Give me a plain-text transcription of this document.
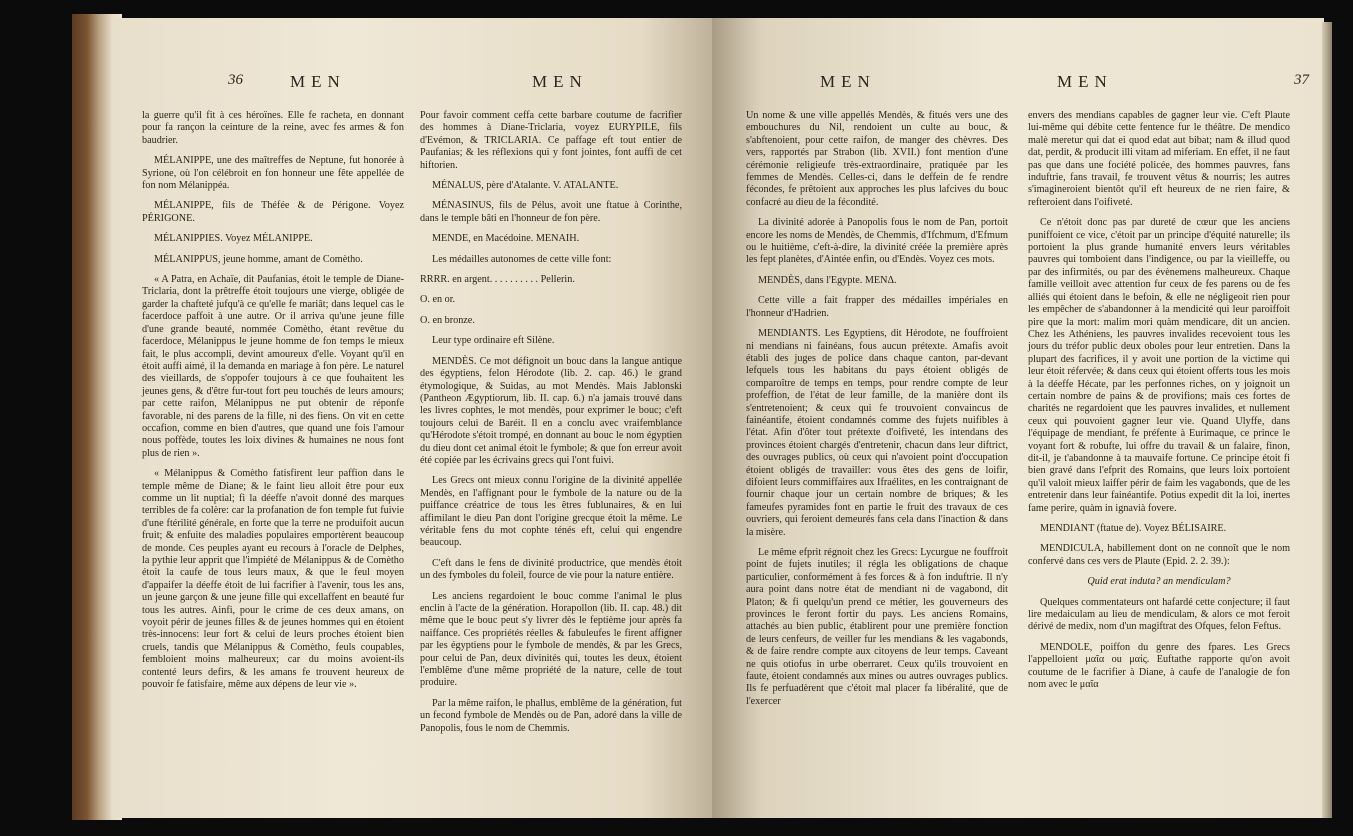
36	MEN	MEN

la guerre qu'il fit à ces héroïnes. Elle fe racheta, en donnant pour fa rançon la ceinture de la reine, avec fes armes & fon baudrier.

MÉLANIPPE, une des maîtreffes de Neptune, fut honorée à Syrione, où l'on célébroit en fon honneur une fête appellée de fon nom Mélanippéa.

MÉLANIPPE, fils de Théfée & de Périgone. Voyez PÉRIGONE.

MÉLANIPPIES. Voyez MÉLANIPPE.

MÉLANIPPUS, jeune homme, amant de Comètho.

« A Patra, en Achaïe, dit Paufanias, étoit le temple de Diane-Triclaria, dont la prêtreffe étoit toujours une vierge, obligée de garder la chafteté jufqu'à ce qu'elle fe mariât; dans lequel cas le facerdoce paffoit à une autre. Or il arriva qu'une jeune fille d'une grande beauté, nommée Comètho, étant revêtue du facerdoce, Mélanippus le jeune homme de fon temps le mieux fait, le plus accompli, devint amoureux d'elle. Voyant qu'il en étoit auffi aimé, il la demanda en mariage à fon père. Le naturel des vieillards, de s'oppofer toujours à ce que fouhaitent les jeunes gens, & d'être fur-tout fort peu touchés de leurs amours; par cette raifon, Mélanippus ne put obtenir de réponfe favorable, ni des parens de la fille, ni des fiens. On vit en cette occafion, comme en bien d'autres, que quand une fois l'amour nous poffède, toutes les loix divines & humaines ne nous font plus de rien ».

« Mélanippus & Comètho fatisfirent leur paffion dans le temple même de Diane; & le faint lieu alloit être pour eux comme un lit nuptial; fi la déeffe n'avoit donné des marques terribles de fa colère: car la profanation de fon temple fut fuivie d'une ftérilité générale, en forte que la terre ne produifoit aucun fruit; & enfuite des maladies populaires emportèrent beaucoup de monde. Ces peuples ayant eu recours à l'oracle de Delphes, la pythie leur apprit que l'impiété de Mélanippus & de Comètho étoit la caufe de tous leurs maux, & que le feul moyen d'appaifer la déeffe étoit de lui facrifier à l'avenir, tous les ans, un jeune garçon & une jeune fille qui excellaffent en beauté fur tous les autres. Ainfi, pour le crime de ces deux amans, on voyoit périr de jeunes filles & de jeunes hommes qui en étoient très-innocens: leur fort & celui de leurs proches étoient bien cruels, tandis que Mélanippus & Comètho, feuls coupables, fembloient moins malheureux; car du moins avoient-ils contenté leurs defirs, & les amans fe trouvent heureux de pouvoir fe fatisfaire, même aux dépens de leur vie ».

Pour favoir comment ceffa cette barbare coutume de facrifier des hommes à Diane-Triclaria, voyez EURYPILE, fils d'Evémon, & TRICLARIA. Ce paffage eft tout entier de Paufanias; & les réflexions qui y font jointes, font auffi de cet hiftorien.

MÉNALUS, père d'Atalante. V. ATALANTE.

MÉNASINUS, fils de Pélus, avoit une ftatue à Corinthe, dans le temple bâti en l'honneur de fon père.

MENDE, en Macédoine. MENAIH.

Les médailles autonomes de cette ville font:

RRRR. en argent. . . . . . . . . . Pellerin.

O. en or.

O. en bronze.

Leur type ordinaire eft Silène.

MENDÈS. Ce mot défignoit un bouc dans la langue antique des égyptiens, felon Hérodote (lib. 2. cap. 46.) le grand étymologique, & Suidas, au mot Mendès. Mais Jablonski (Pantheon Ægyptiorum, lib. II. cap. 6.) n'a jamais trouvé dans les livres cophtes, le mot mendès, pour exprimer le bouc; c'eft toujours celui de Baréit. Il en a conclu avec vraifemblance qu'Hérodote s'étoit trompé, en donnant au bouc le nom égyptien du dieu dont cet animal étoit le fymbole; & que fon erreur avoit été copiée par les écrivains grecs qui l'ont fuivi.

Les Grecs ont mieux connu l'origine de la divinité appellée Mendès, en l'affignant pour le fymbole de la nature ou de la puiffance créatrice de tous les êtres fublunaires, & en lui affimilant le dieu Pan dont l'origine grecque étoit la même. Le véritable fens du mot cophte ténés eft, celui qui engendre beaucoup.

C'eft dans le fens de divinité productrice, que mendès étoit un des fymboles du foleil, fource de vie pour la nature entière.

Les anciens regardoient le bouc comme l'animal le plus enclin à l'acte de la génération. Horapollon (lib. II. cap. 48.) dit même que le bouc peut s'y livrer dès le feptième jour après fa naiffance. Ces propriétés réelles & fabuleufes le firent affigner par les égyptiens pour le fymbole de mendès, & par les Grecs, pour celui de Pan, deux divinités qui, toutes les deux, étoient l'emblême d'une même propriété de la nature, celle de tout produire.

Par la même raifon, le phallus, emblême de la génération, fut un fecond fymbole de Mendès ou de Pan, adoré dans la ville de Panopolis, fous le nom de Chemmis.

MEN	MEN	37

Un nome & une ville appellés Mendès, & fitués vers une des embouchures du Nil, rendoient un culte au bouc, & s'abftenoient, pour cette raifon, de manger des chèvres. Des vers, rapportés par Strabon (lib. XVII.) font mention d'une cérémonie religieufe très-extraordinaire, pratiquée par les femmes de Mendès. Celles-ci, dans le deffein de fe rendre fécondes, fe prêtoient aux approches les plus lafcives du bouc confacré au dieu de la fécondité.

La divinité adorée à Panopolis fous le nom de Pan, portoit encore les noms de Mendès, de Chemmis, d'Ifchmum, d'Efmum ou le huitième, c'eft-à-dire, la divinité créée la première après les fept planètes, d'Aintée enfin, ou d'Endès. Voyez ces mots.

MENDÈS, dans l'Egypte. MENΔ.

Cette ville a fait frapper des médailles impériales en l'honneur d'Hadrien.

MENDIANTS. Les Egyptiens, dit Hérodote, ne fouffroient ni mendians ni fainéans, fous aucun prétexte. Amafis avoit établi des juges de police dans chaque canton, par-devant lefquels tous les habitans du pays étoient obligés de comparoître de temps en temps, pour rendre compte de leur profeffion, de l'état de leur famille, de la manière dont ils s'entretenoient; & ceux qui fe trouvoient convaincus de fainéantife, étoient condamnés comme des fujets nuifibles à l'état. Afin d'ôter tout prétexte d'oifiveté, les intendans des provinces étoient chargés d'entretenir, chacun dans leur diftrict, des ouvrages publics, où ceux qui n'avoient point d'occupation étoient obligés de travailler: vous êtes des gens de loifir, difoient leurs commiffaires aux Ifraélites, en les contraignant de fournir chaque jour un certain nombre de briques; & les fameufes pyramides font en partie le fruit des travaux de ces ouvriers, qui feroient demeurés fans cela dans l'inaction & dans la misère.

Le même efprit régnoit chez les Grecs: Lycurgue ne fouffroit point de fujets inutiles; il régla les obligations de chaque particulier, conformément à fes forces & à fon induftrie. Il n'y aura point dans notre état de mendiant ni de vagabond, dit Platon; & fi quelqu'un prend ce métier, les gouverneurs des provinces le feront fortir du pays. Les anciens Romains, attachés au bien public, établirent pour une première fonction de leurs cenfeurs, de veiller fur les mendians & les vagabonds, & de faire rendre compte aux citoyens de leur temps. Caveant ne quis otiofus in urbe oberraret. Ceux qu'ils trouvoient en faute, étoient condamnés aux mines ou autres ouvrages publics. Ils fe perfuadèrent que c'étoit mal placer fa libéralité, que de l'exercer

envers des mendians capables de gagner leur vie. C'eft Plaute lui-même qui débite cette fentence fur le théâtre. De mendico malè meretur qui dat ei quod edat aut bibat; nam & illud quod dat, perdit, & producit illi vitam ad miferiam. En effet, il ne faut pas que dans une fociété policée, des hommes pauvres, fans induftrie, fans travail, fe trouvent vêtus & nourris; les autres s'imagineroient bientôt qu'il eft heureux de ne rien faire, & refteroient dans l'oifiveté.

Ce n'étoit donc pas par dureté de cœur que les anciens puniffoient ce vice, c'étoit par un principe d'équité naturelle; ils portoient la plus grande humanité envers leurs véritables pauvres qui tomboient dans l'indigence, ou par la vieilleffe, ou par des infirmités, ou par des évènemens malheureux. Chaque famille veilloit avec attention fur ceux de fes parens ou de fes alliés qui étoient dans le befoin, & elle ne négligeoit rien pour les empêcher de s'abandonner à la mendicité qui leur paroiffoit pire que la mort: malim mori quàm mendicare, dit un ancien. Chez les Athéniens, les pauvres invalides recevoient tous les jours du tréfor public deux oboles pour leur entretien. Dans la plupart des facrifices, il y avoit une portion de la victime qui leur étoit réfervée; & dans ceux qui étoient offerts tous les mois à la déeffe Hécate, par les perfonnes riches, on y joignoit un certain nombre de pains & de provifions; mais ces fortes de charités ne regardoient que les pauvres invalides, et nullement ceux qui pouvoient gagner leur vie. Quand Ulyffe, dans l'équipage de mendiant, fe préfente à Eurimaque, ce prince le voyant fort & robufte, lui offre du travail & un falaire, finon, dit-il, je t'abandonne à ta mauvaife fortune. Ce principe étoit fi bien gravé dans l'efprit des Romains, que leurs loix portoient qu'il valoit mieux laiffer périr de faim les vagabonds, que de les entretenir dans leur fainéantife. Potius expedit dit la loi, inertes fame perire, quàm in ignavià fovere.

MENDIANT (ftatue de). Voyez BÉLISAIRE.

MENDICULA, habillement dont on ne connoît que le nom confervé dans ces vers de Plaute (Epid. 2. 2. 39.):

Quid erat induta? an mendiculam?

Quelques commentateurs ont hafardé cette conjecture; il faut lire medaiculam au lieu de mendiculam, & alors ce mot feroit dérivé de medix, nom d'un magiftrat des Ofques, felon Feftus.

MENDOLE, poiffon du genre des fpares. Les Grecs l'appelloient μαῖα ou μαίς. Euftathe rapporte qu'on avoit coutume de le facrifier à Diane, à caufe de l'analogie de fon nom avec le μαῖα
